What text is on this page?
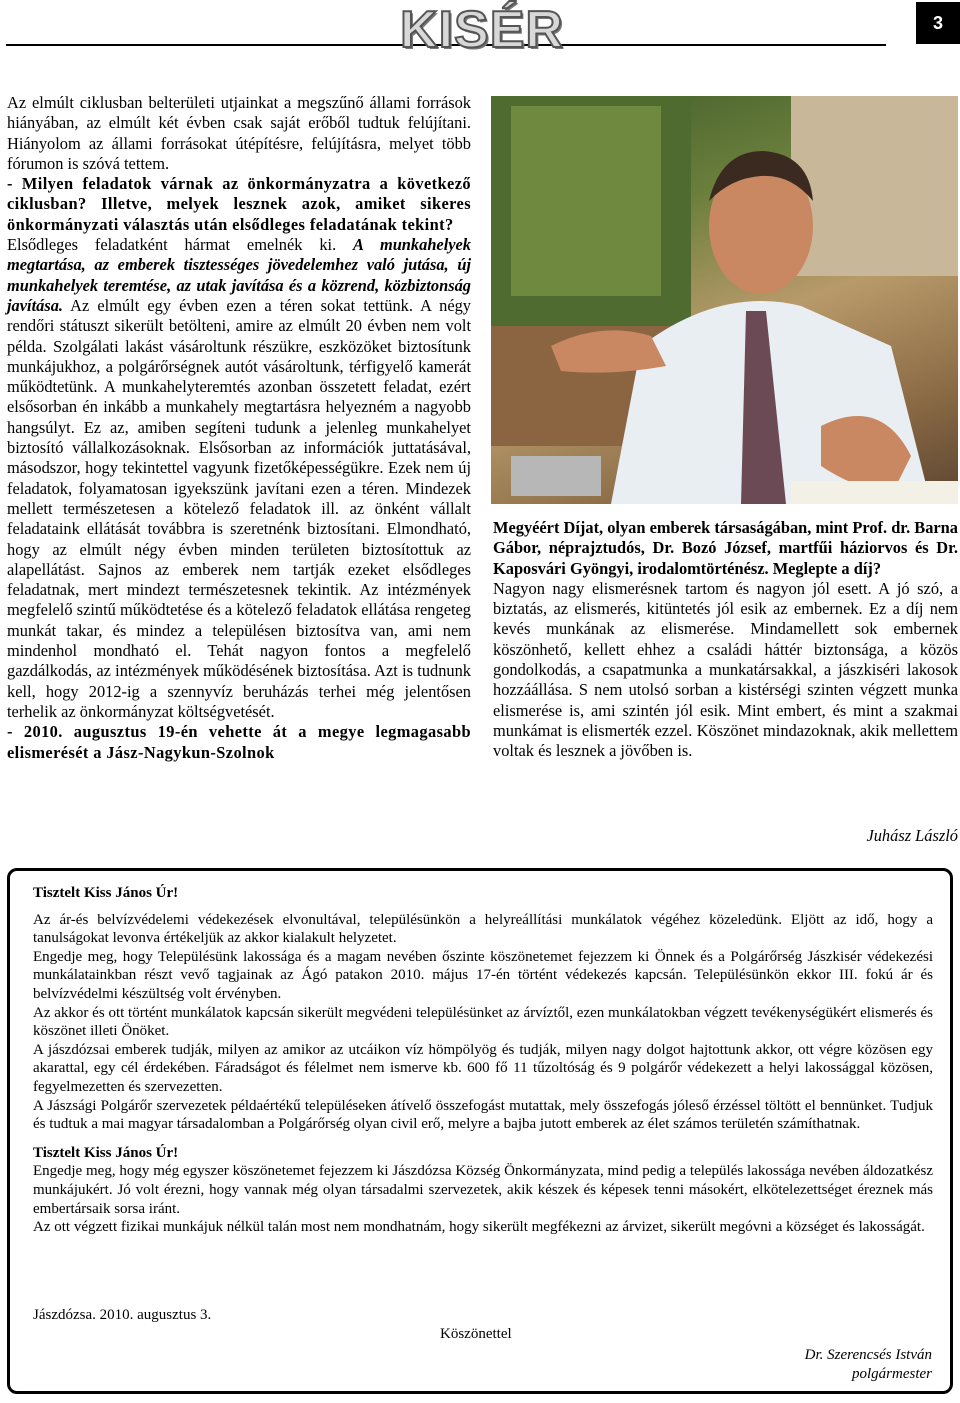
KISÉR	3

Az elmúlt ciklusban belterületi utjainkat a megszűnő állami források hiányában, az elmúlt két évben csak saját erőből tudtuk felújítani. Hiányolom az állami forrásokat útépítésre, felújításra, melyet több fórumon is szóvá tettem.

- Milyen feladatok várnak az önkormányzatra a következő ciklusban? Illetve, melyek lesznek azok, amiket sikeres önkormányzati választás után elsődleges feladatának tekint?

Elsődleges feladatként hármat emelnék ki. A munkahelyek megtartása, az emberek tisztességes jövedelemhez való jutása, új munkahelyek teremtése, az utak javítása és a közrend, közbiztonság javítása. Az elmúlt egy évben ezen a téren sokat tettünk. A négy rendőri státuszt sikerült betölteni, amire az elmúlt 20 évben nem volt példa. Szolgálati lakást vásároltunk részükre, eszközöket biztosítunk munkájukhoz, a polgárőrségnek autót vásároltunk, térfigyelő kamerát működtetünk. A munkahelyteremtés azonban összetett feladat, ezért elsősorban én inkább a munkahely megtartásra helyezném a nagyobb hangsúlyt. Ez az, amiben segíteni tudunk a jelenleg munkahelyet biztosító vállalkozásoknak. Elsősorban az információk juttatásával, másodszor, hogy tekintettel vagyunk fizetőképességükre. Ezek nem új feladatok, folyamatosan igyekszünk javítani ezen a téren. Mindezek mellett természetesen a kötelező feladatok ill. az önként vállalt feladataink ellátását továbbra is szeretnénk biztosítani. Elmondható, hogy az elmúlt négy évben minden területen biztosítottuk az alapellátást. Sajnos az emberek nem tartják ezeket elsődleges feladatnak, mert mindezt természetesnek tekintik. Az intézmények megfelelő szintű működtetése és a kötelező feladatok ellátása rengeteg munkát takar, és mindez a településen biztosítva van, ami nem mindenhol mondható el. Tehát nagyon fontos a megfelelő gazdálkodás, az intézmények működésének biztosítása. Azt is tudnunk kell, hogy 2012-ig a szennyvíz beruházás terhei még jelentősen terhelik az önkormányzat költségvetését.

- 2010. augusztus 19-én vehette át a megye legmagasabb elismerését a Jász-Nagykun-Szolnok

Megyéért Díjat, olyan emberek társaságában, mint Prof. dr. Barna Gábor, néprajztudós, Dr. Bozó József, martfűi háziorvos és Dr. Kaposvári Gyöngyi, irodalomtörténész. Meglepte a díj?

Nagyon nagy elismerésnek tartom és nagyon jól esett. A jó szó, a biztatás, az elismerés, kitüntetés jól esik az embernek. Ez a díj nem kevés munkának az elismerése. Mindamellett sok embernek köszönhető, kellett ehhez a családi háttér biztonsága, a közös gondolkodás, a csapatmunka a munkatársakkal, a jászkiséri lakosok hozzáállása. S nem utolsó sorban a kistérségi szinten végzett munka elismerése is, ami szintén jól esik. Mint embert, és mint a szakmai munkámat is elismerték ezzel. Köszönet mindazoknak, akik mellettem voltak és lesznek a jövőben is.

Juhász László

Tisztelt Kiss János Úr!

Az ár-és belvízvédelemi védekezések elvonultával, településünkön a helyreállítási munkálatok végéhez közeledünk. Eljött az idő, hogy a tanulságokat levonva értékeljük az akkor kialakult helyzetet.

Engedje meg, hogy Településünk lakossága és a magam nevében őszinte köszönetemet fejezzem ki Önnek és a Polgárőrség Jászkisér védekezési munkálatainkban részt vevő tagjainak az Ágó patakon 2010. május 17-én történt védekezés kapcsán. Településünkön ekkor III. fokú ár és belvízvédelmi készültség volt érvényben.

Az akkor és ott történt munkálatok kapcsán sikerült megvédeni településünket az árvíztől, ezen munkálatokban végzett tevékenységükért elismerés és köszönet illeti Önöket.

A jászdózsai emberek tudják, milyen az amikor az utcáikon víz hömpölyög és tudják, milyen nagy dolgot hajtottunk akkor, ott végre közösen egy akarattal, egy cél érdekében. Fáradságot és félelmet nem ismerve kb. 600 fő 11 tűzoltóság és 9 polgárőr védekezett a helyi lakossággal közösen, fegyelmezetten és szervezetten.

A Jászsági Polgárőr szervezetek példaértékű településeken átívelő összefogást mutattak, mely összefogás jóleső érzéssel töltött el bennünket. Tudjuk és tudtuk a mai magyar társadalomban a Polgárőrség olyan civil erő, melyre a bajba jutott emberek az élet számos területén számíthatnak.

Tisztelt Kiss János Úr!

Engedje meg, hogy még egyszer köszönetemet fejezzem ki Jászdózsa Község Önkormányzata, mind pedig a település lakossága nevében áldozatkész munkájukért. Jó volt érezni, hogy vannak még olyan társadalmi szervezetek, akik készek és képesek tenni másokért, elkötelezettséget éreznek más embertársaik sorsa iránt.

Az ott végzett fizikai munkájuk nélkül talán most nem mondhatnám, hogy sikerült megfékezni az árvizet, sikerült megóvni a községet és lakosságát.

Jászdózsa. 2010. augusztus 3.
Köszönettel
Dr. Szerencsés István
polgármester
